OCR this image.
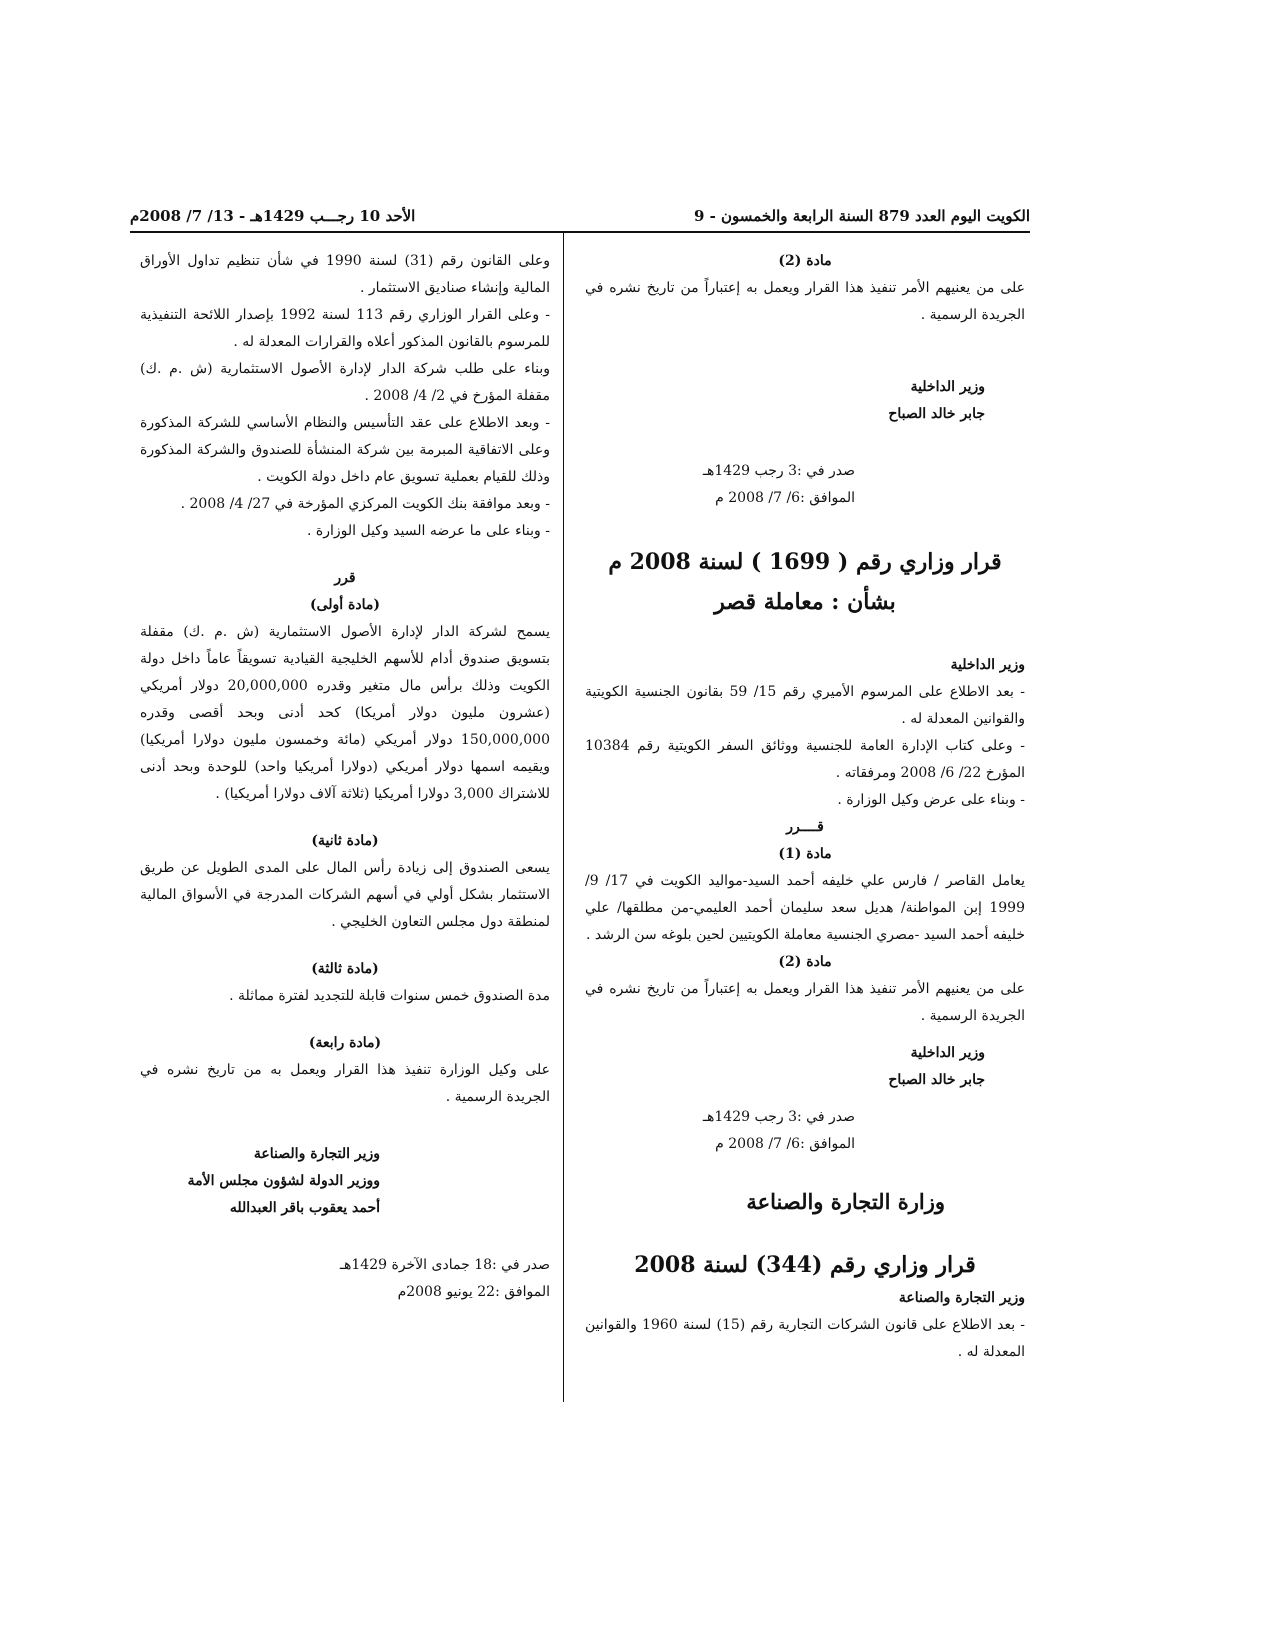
الكويت اليوم العدد 879 السنة الرابعة والخمسون - 9
الأحد 10 رجـــب 1429هـ - 13/ 7/ 2008م

مادة (2)

على من يعنيهم الأمر تنفيذ هذا القرار ويعمل به إعتباراً من تاريخ نشره في الجريدة الرسمية .

وزير الداخلية

جابر خالد الصباح

صدر في :3 رجب 1429هـ

الموافق :6/ 7/ 2008 م

قرار وزاري رقم ( 1699 ) لسنة 2008 م

بشأن : معاملة قصر

وزير الداخلية

- بعد الاطلاع على المرسوم الأميري رقم 15/ 59 بقانون الجنسية الكويتية والقوانين المعدلة له .

- وعلى كتاب الإدارة العامة للجنسية ووثائق السفر الكويتية رقم 10384 المؤرخ 22/ 6/ 2008 ومرفقاته .

- وبناء على عرض وكيل الوزارة .

قــــرر

مادة (1)

يعامل القاصر / فارس علي خليفه أحمد السيد-مواليد الكويت في 17/ 9/ 1999 إبن المواطنة/ هديل سعد سليمان أحمد العليمي-من مطلقها/ علي خليفه أحمد السيد -مصري الجنسية معاملة الكويتيين لحين بلوغه سن الرشد .

مادة (2)

على من يعنيهم الأمر تنفيذ هذا القرار ويعمل به إعتباراً من تاريخ نشره في الجريدة الرسمية .

وزير الداخلية

جابر خالد الصباح

صدر في :3 رجب 1429هـ

الموافق :6/ 7/ 2008 م

وزارة التجارة والصناعة

قرار وزاري رقم (344) لسنة 2008

وزير التجارة والصناعة

- بعد الاطلاع على قانون الشركات التجارية رقم (15) لسنة 1960 والقوانين المعدلة له .

وعلى القانون رقم (31) لسنة 1990 في شأن تنظيم تداول الأوراق المالية وإنشاء صناديق الاستثمار .

- وعلى القرار الوزاري رقم 113 لسنة 1992 بإصدار اللائحة التنفيذية للمرسوم بالقانون المذكور أعلاه والقرارات المعدلة له .

وبناء على طلب شركة الدار لإدارة الأصول الاستثمارية (ش .م .ك) مقفلة المؤرخ في 2/ 4/ 2008 .

- وبعد الاطلاع على عقد التأسيس والنظام الأساسي للشركة المذكورة وعلى الاتفاقية المبرمة بين شركة المنشأة للصندوق والشركة المذكورة وذلك للقيام بعملية تسويق عام داخل دولة الكويت .

- وبعد موافقة بنك الكويت المركزي المؤرخة في 27/ 4/ 2008 .

- وبناء على ما عرضه السيد وكيل الوزارة .

قرر

(مادة أولى)

يسمح لشركة الدار لإدارة الأصول الاستثمارية (ش .م .ك) مقفلة بتسويق صندوق أدام للأسهم الخليجية القيادية تسويقاً عاماً داخل دولة الكويت وذلك برأس مال متغير وقدره 20,000,000 دولار أمريكي (عشرون مليون دولار أمريكا) كحد أدنى وبحد أقصى وقدره 150,000,000 دولار أمريكي (مائة وخمسون مليون دولارا أمريكيا) ويقيمه اسمها دولار أمريكي (دولارا أمريكيا واحد) للوحدة وبحد أدنى للاشتراك 3,000 دولارا أمريكيا (ثلاثة آلاف دولارا أمريكيا) .

(مادة ثانية)

يسعى الصندوق إلى زيادة رأس المال على المدى الطويل عن طريق الاستثمار بشكل أولي في أسهم الشركات المدرجة في الأسواق المالية لمنطقة دول مجلس التعاون الخليجي .

(مادة ثالثة)

مدة الصندوق خمس سنوات قابلة للتجديد لفترة مماثلة .

(مادة رابعة)

على وكيل الوزارة تنفيذ هذا القرار ويعمل به من تاريخ نشره في الجريدة الرسمية .

وزير التجارة والصناعة

ووزير الدولة لشؤون مجلس الأمة

أحمد يعقوب باقر العبدالله

صدر في :18 جمادى الآخرة 1429هـ

الموافق :22 يونيو 2008م
